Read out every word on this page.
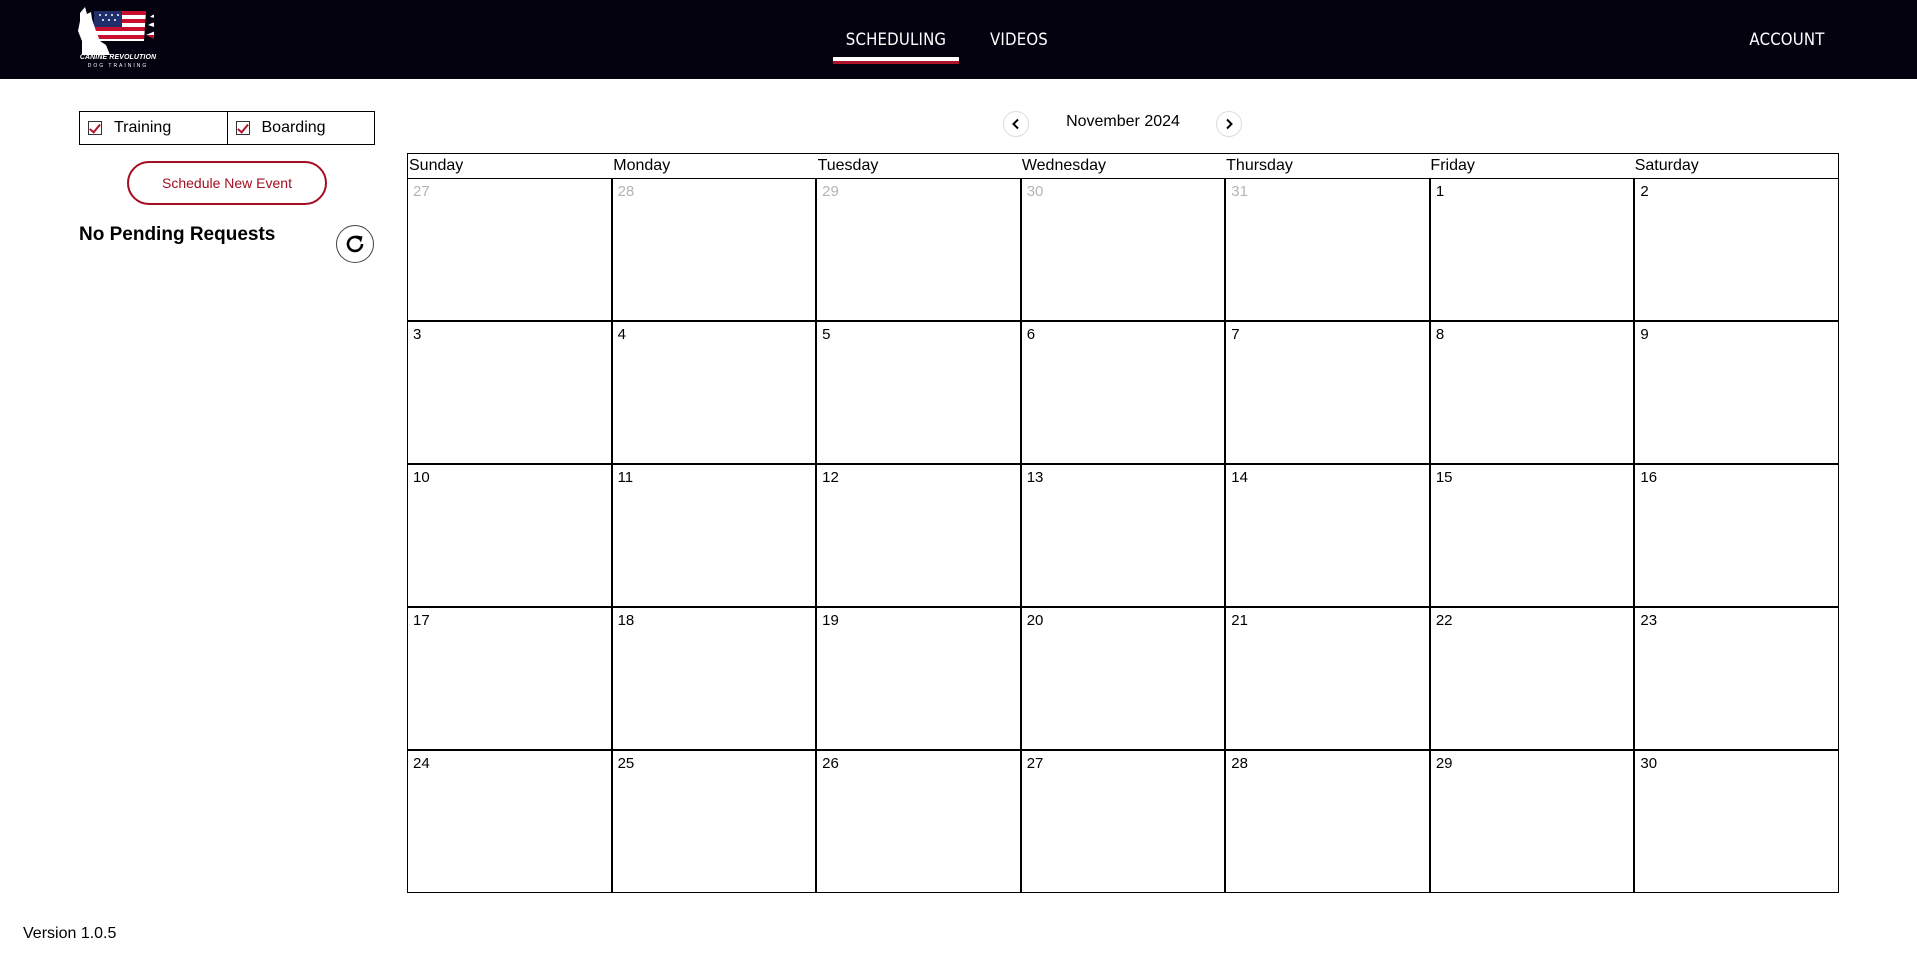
CANINE REVOLUTION
DOG TRAINING
SCHEDULING	VIDEOS	ACCOUNT
Training	Boarding
Schedule New Event
No Pending Requests
November 2024
Sunday	Monday	Tuesday	Wednesday	Thursday	Friday	Saturday
27	28	29	30	31	1	2
3	4	5	6	7	8	9
10	11	12	13	14	15	16
17	18	19	20	21	22	23
24	25	26	27	28	29	30
Version 1.0.5
